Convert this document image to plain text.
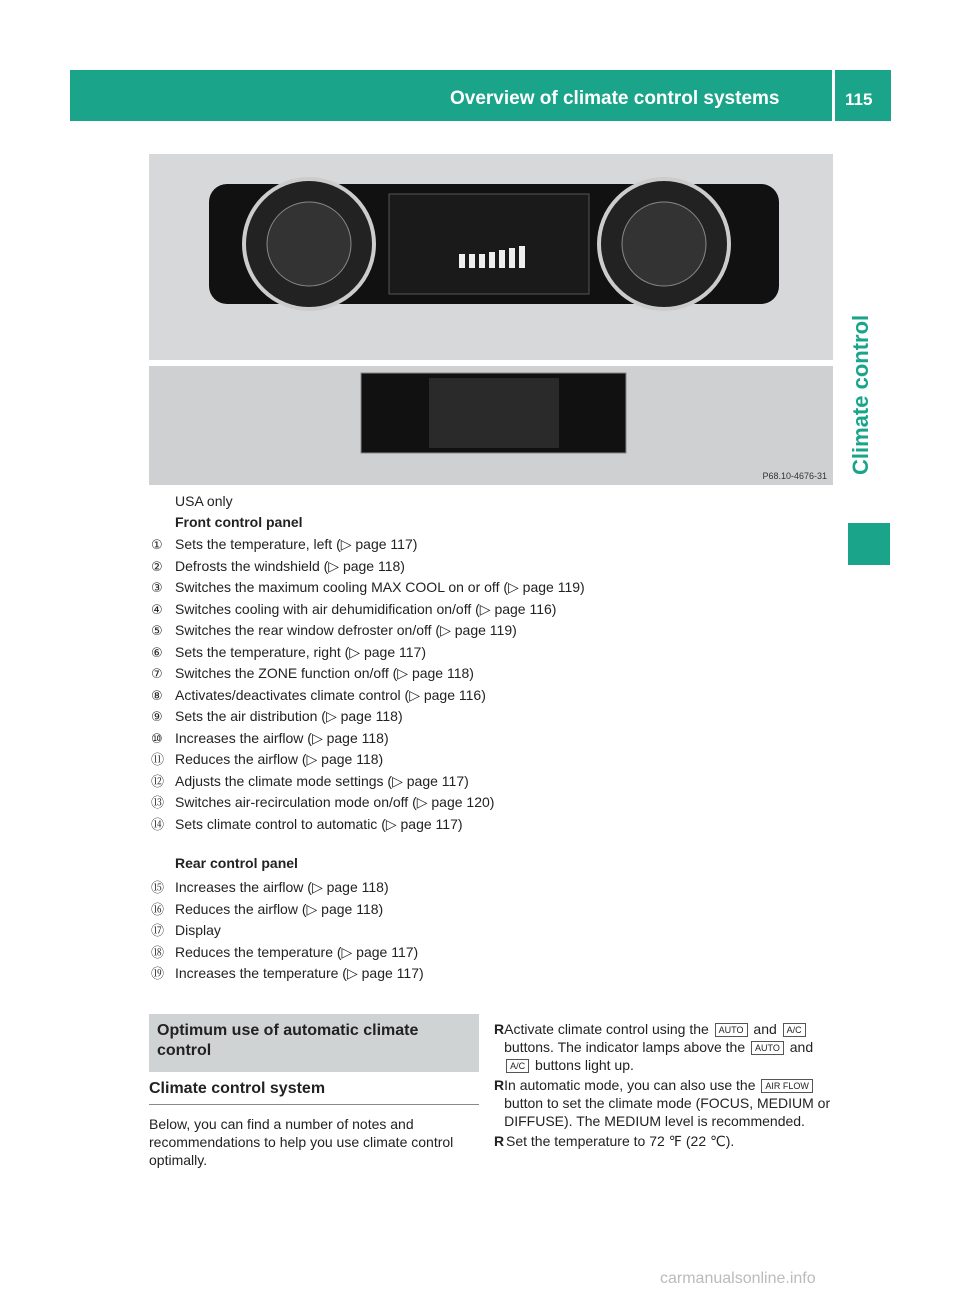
Overview of climate control systems	115
Climate control
P68.10-4676-31
USA only
Front control panel
① Sets the temperature, left (▷ page 117)
② Defrosts the windshield (▷ page 118)
③ Switches the maximum cooling MAX COOL on or off (▷ page 119)
④ Switches cooling with air dehumidification on/off (▷ page 116)
⑤ Switches the rear window defroster on/off (▷ page 119)
⑥ Sets the temperature, right (▷ page 117)
⑦ Switches the ZONE function on/off (▷ page 118)
⑧ Activates/deactivates climate control (▷ page 116)
⑨ Sets the air distribution (▷ page 118)
⑩ Increases the airflow (▷ page 118)
⑪ Reduces the airflow (▷ page 118)
⑫ Adjusts the climate mode settings (▷ page 117)
⑬ Switches air-recirculation mode on/off (▷ page 120)
⑭ Sets climate control to automatic (▷ page 117)
Rear control panel
⑮ Increases the airflow (▷ page 118)
⑯ Reduces the airflow (▷ page 118)
⑰ Display
⑱ Reduces the temperature (▷ page 117)
⑲ Increases the temperature (▷ page 117)
Optimum use of automatic climate control
Climate control system
Below, you can find a number of notes and recommendations to help you use climate control optimally.
R Activate climate control using the AUTO and A/C buttons. The indicator lamps above the AUTO and A/C buttons light up.
R In automatic mode, you can also use the AIR FLOW button to set the climate mode (FOCUS, MEDIUM or DIFFUSE). The MEDIUM level is recommended.
R Set the temperature to 72 ℉ (22 ℃).
carmanualsonline.info
